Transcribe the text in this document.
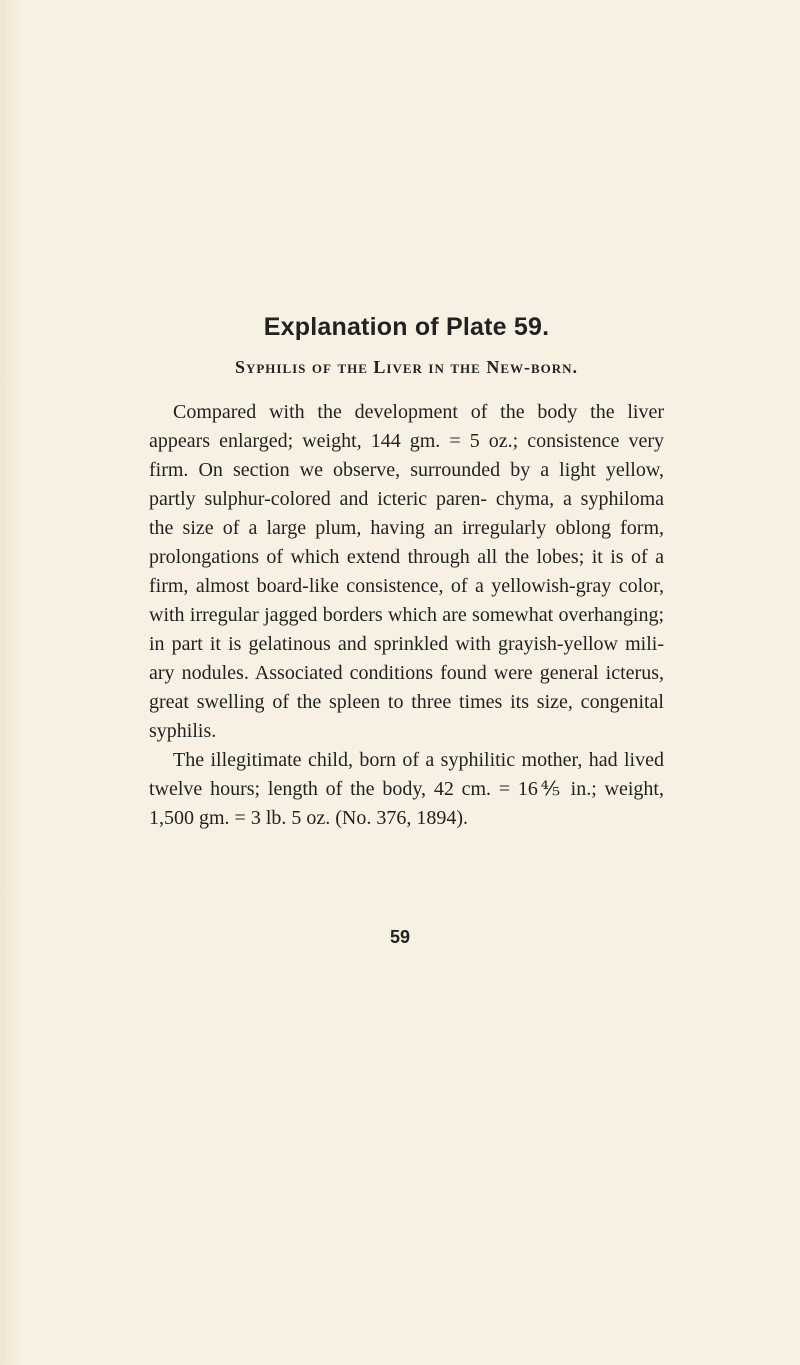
Explanation of Plate 59.
Syphilis of the Liver in the New-born.

Compared with the development of the body the liver appears enlarged; weight, 144 gm. = 5 oz.; consistence very firm. On section we observe, surrounded by a light yellow, partly sulphur-colored and icteric paren- chyma, a syphiloma the size of a large plum, having an irregularly oblong form, prolongations of which extend through all the lobes; it is of a firm, almost board-like consistence, of a yellowish-gray color, with irregular jagged borders which are somewhat overhanging; in part it is gelatinous and sprinkled with grayish-yellow mili- ary nodules. Associated conditions found were general icterus, great swelling of the spleen to three times its size, congenital syphilis.

The illegitimate child, born of a syphilitic mother, had lived twelve hours; length of the body, 42 cm. = 16⅘ in.; weight, 1,500 gm. = 3 lb. 5 oz. (No. 376, 1894).

59
